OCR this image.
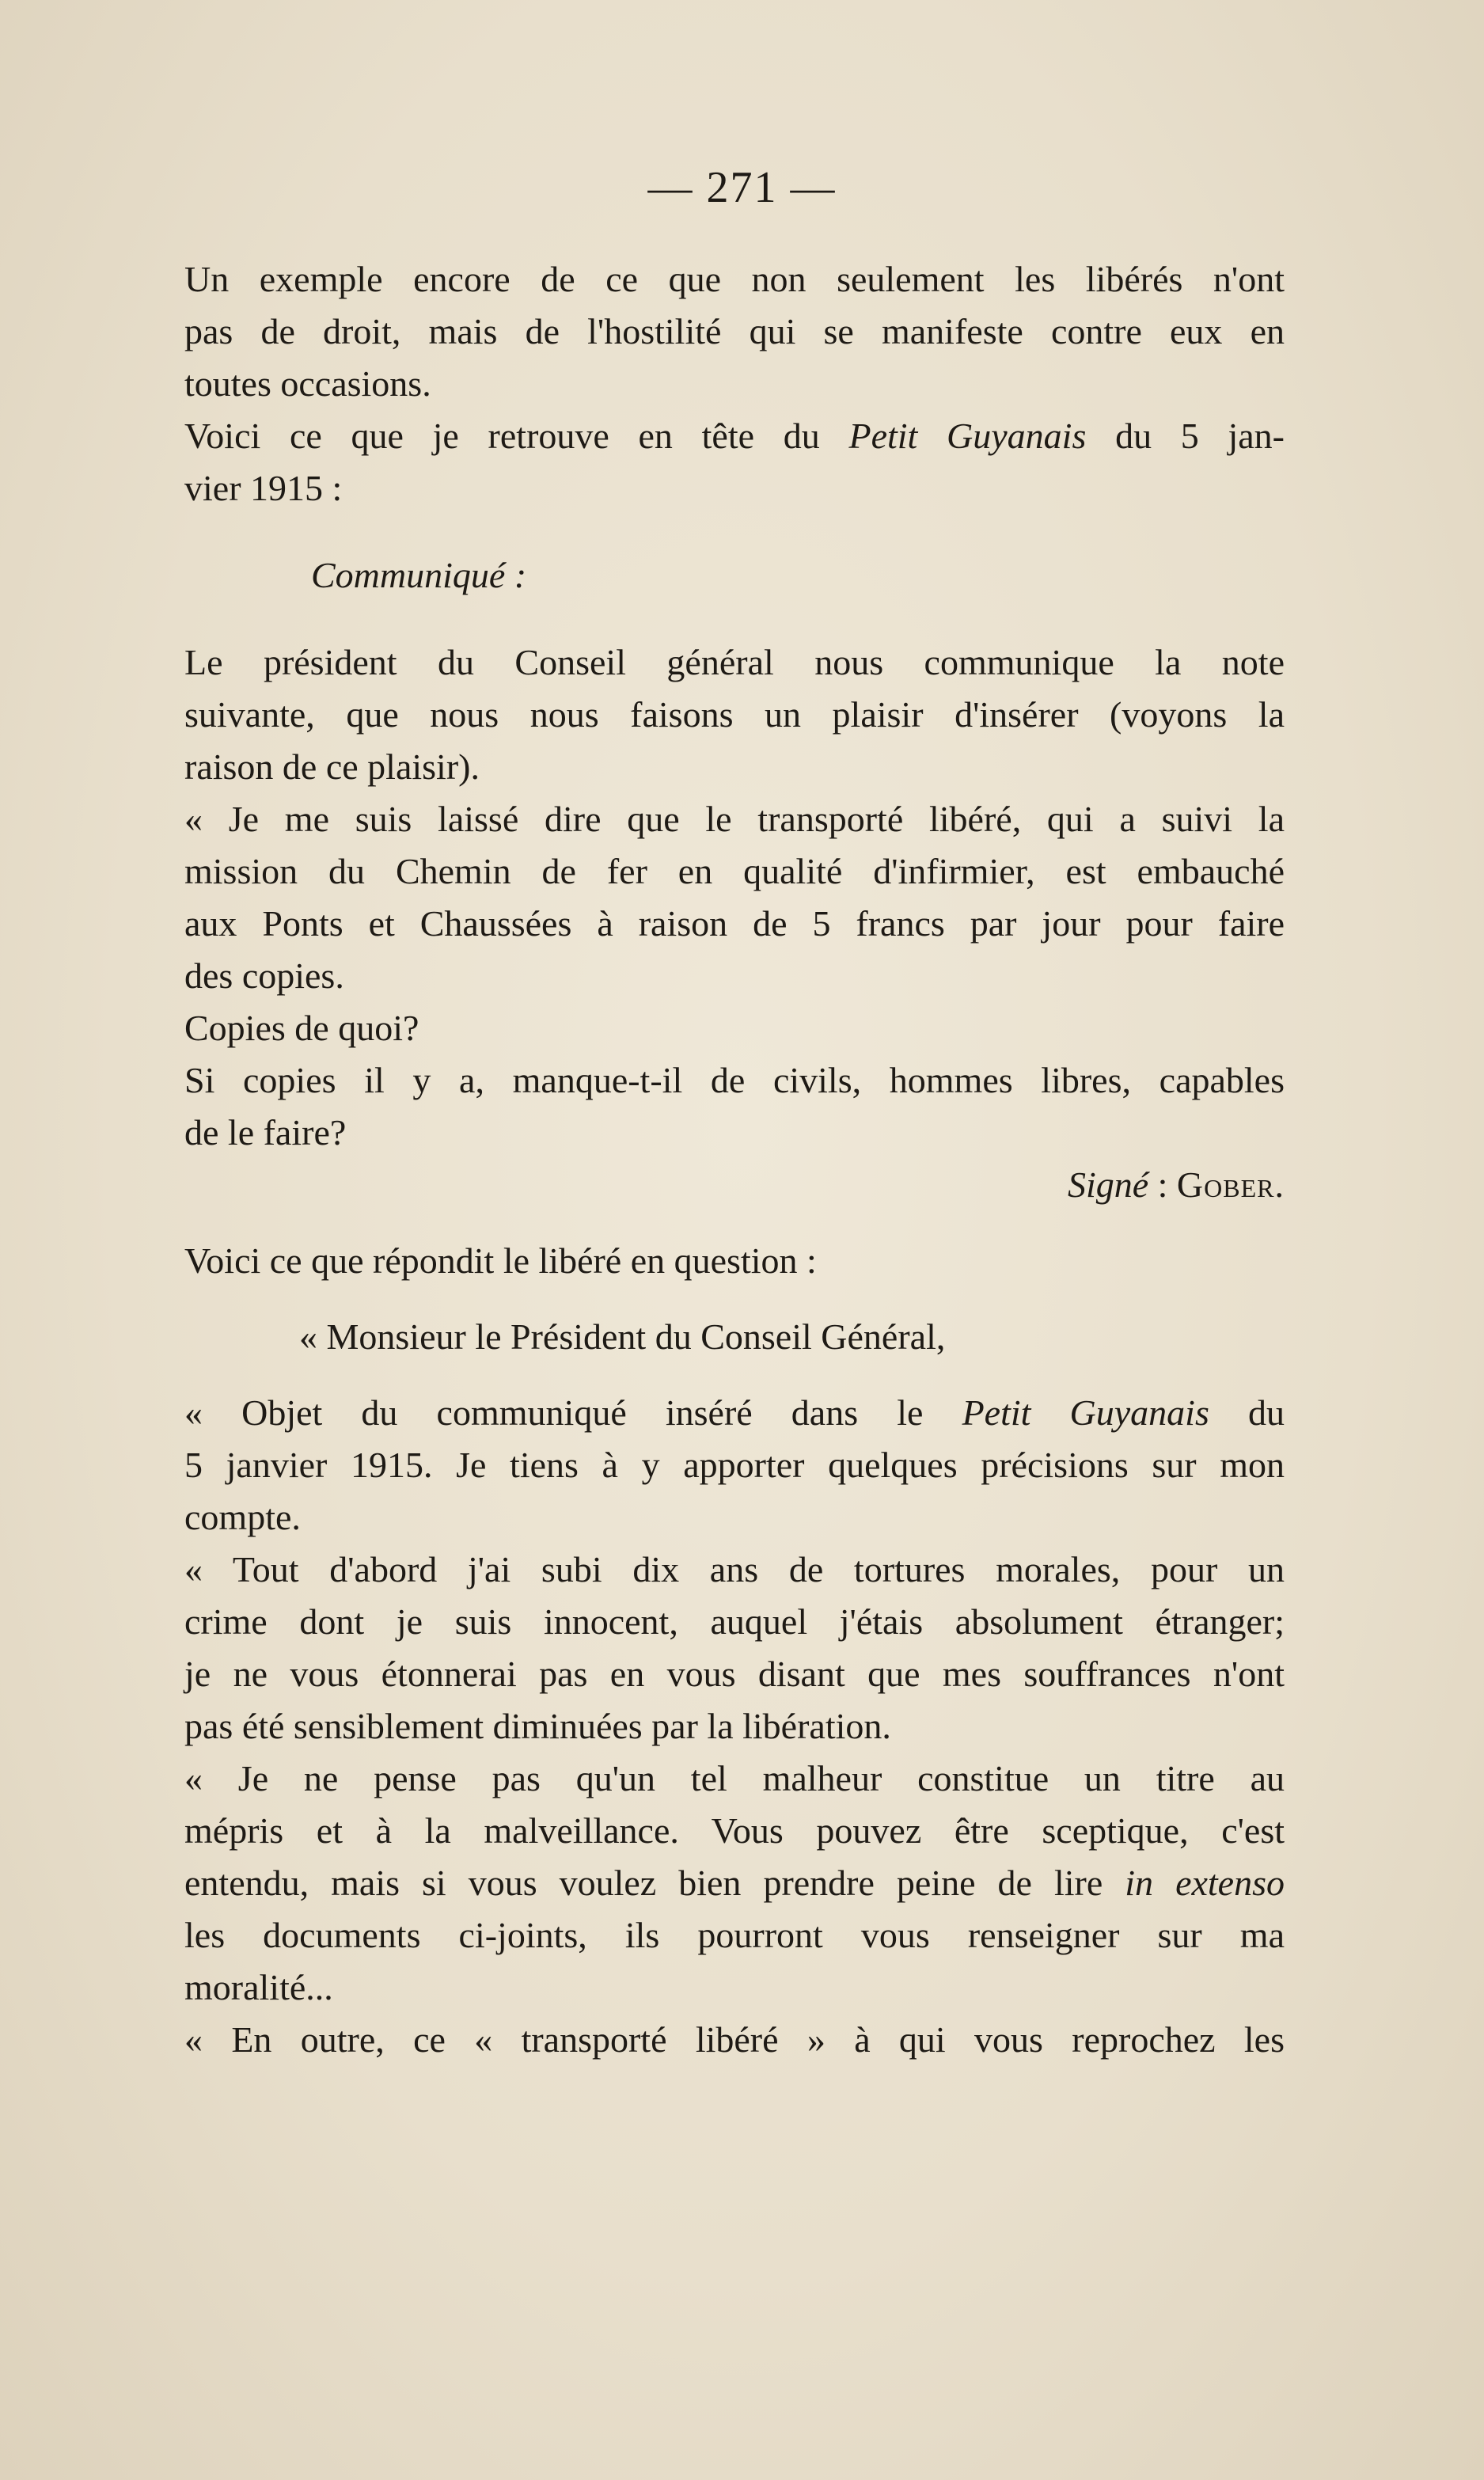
— 271 —

Un exemple encore de ce que non seulement les libérés n'ont
pas de droit, mais de l'hostilité qui se manifeste contre eux en
toutes occasions.

Voici ce que je retrouve en tête du Petit Guyanais du 5 jan-
vier 1915 :

Communiqué :

Le président du Conseil général nous communique la note
suivante, que nous nous faisons un plaisir d'insérer (voyons la
raison de ce plaisir).

« Je me suis laissé dire que le transporté libéré, qui a suivi la
mission du Chemin de fer en qualité d'infirmier, est embauché
aux Ponts et Chaussées à raison de 5 francs par jour pour faire
des copies.

Copies de quoi?

Si copies il y a, manque-t-il de civils, hommes libres, capables
de le faire?

Signé : Gober.

Voici ce que répondit le libéré en question :

« Monsieur le Président du Conseil Général,

« Objet du communiqué inséré dans le Petit Guyanais du
5 janvier 1915. Je tiens à y apporter quelques précisions sur mon
compte.

« Tout d'abord j'ai subi dix ans de tortures morales, pour un
crime dont je suis innocent, auquel j'étais absolument étranger;
je ne vous étonnerai pas en vous disant que mes souffrances n'ont
pas été sensiblement diminuées par la libération.

« Je ne pense pas qu'un tel malheur constitue un titre au
mépris et à la malveillance. Vous pouvez être sceptique, c'est
entendu, mais si vous voulez bien prendre peine de lire in extenso
les documents ci-joints, ils pourront vous renseigner sur ma
moralité...

« En outre, ce « transporté libéré » à qui vous reprochez les
